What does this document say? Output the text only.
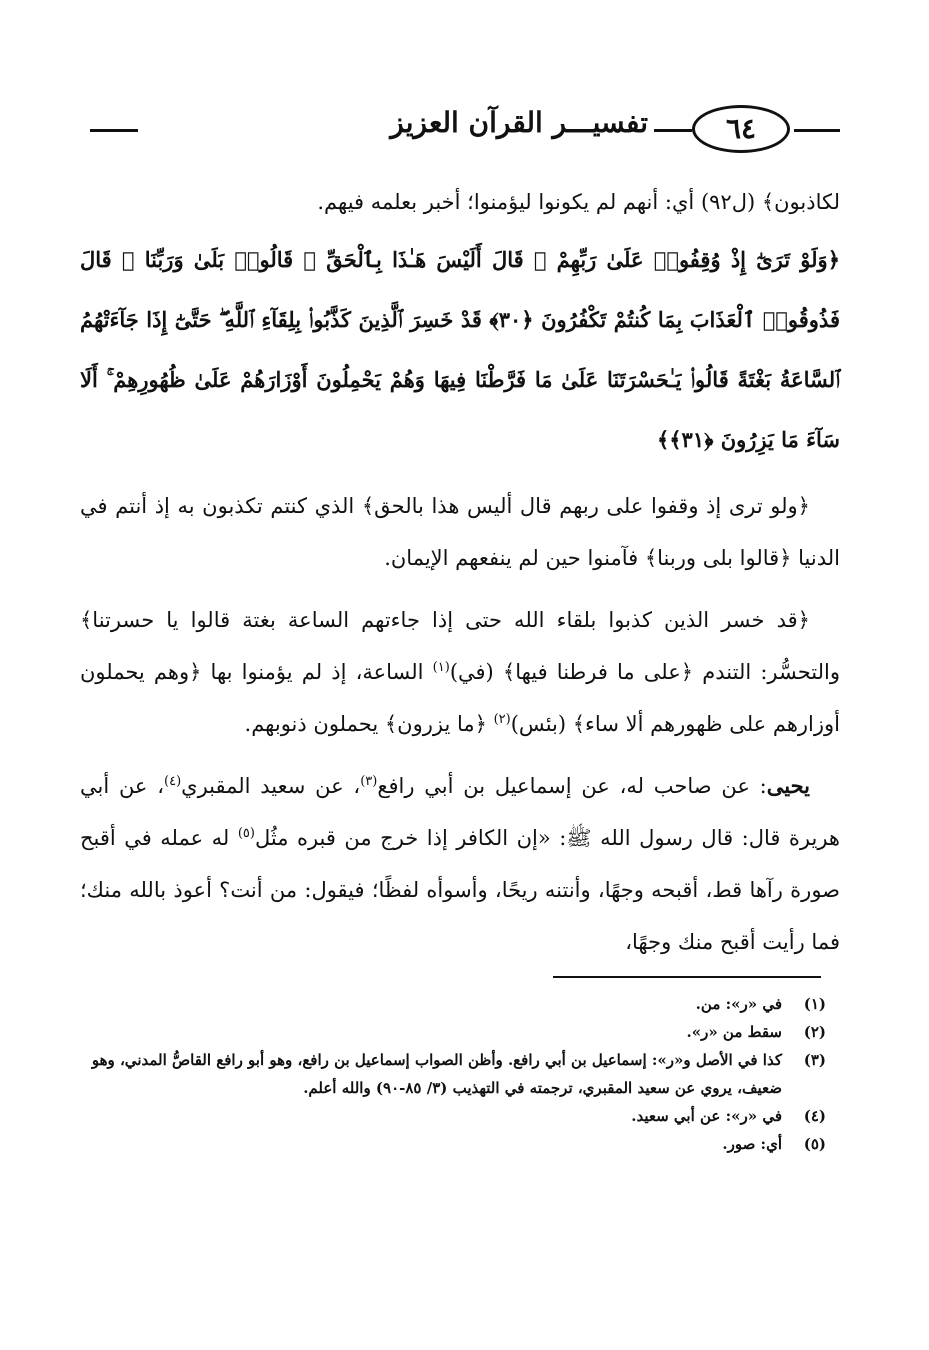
٦٤
تفسيـــر القرآن العزيز

لكاذبون﴾ (ل٩٢) أي: أنهم لم يكونوا ليؤمنوا؛ أخبر بعلمه فيهم.

﴿وَلَوْ تَرَىٰٓ إِذْ وُقِفُوا۟ عَلَىٰ رَبِّهِمْ ۚ قَالَ أَلَيْسَ هَـٰذَا بِٱلْحَقِّ ۚ قَالُوا۟ بَلَىٰ وَرَبِّنَا ۚ قَالَ فَذُوقُوا۟ ٱلْعَذَابَ بِمَا كُنتُمْ تَكْفُرُونَ ﴿٣٠﴾ قَدْ خَسِرَ ٱلَّذِينَ كَذَّبُوا۟ بِلِقَآءِ ٱللَّهِ ۖ حَتَّىٰٓ إِذَا جَآءَتْهُمُ ٱلسَّاعَةُ بَغْتَةً قَالُوا۟ يَـٰحَسْرَتَنَا عَلَىٰ مَا فَرَّطْنَا فِيهَا وَهُمْ يَحْمِلُونَ أَوْزَارَهُمْ عَلَىٰ ظُهُورِهِمْ ۚ أَلَا سَآءَ مَا يَزِرُونَ ﴿٣١﴾﴾

﴿ولو ترى إذ وقفوا على ربهم قال أليس هذا بالحق﴾ الذي كنتم تكذبون به إذ أنتم في الدنيا ﴿قالوا بلى وربنا﴾ فآمنوا حين لم ينفعهم الإيمان.

﴿قد خسر الذين كذبوا بلقاء الله حتى إذا جاءتهم الساعة بغتة قالوا يا حسرتنا﴾ والتحسُّر: التندم ﴿على ما فرطنا فيها﴾ (في)$^{(١)}$ الساعة، إذ لم يؤمنوا بها ﴿وهم يحملون أوزارهم على ظهورهم ألا ساء﴾ (بئس)$^{(٢)}$ ﴿ما يزرون﴾ يحملون ذنوبهم.

يحيى: عن صاحب له، عن إسماعيل بن أبي رافع$^{(٣)}$، عن سعيد المقبري$^{(٤)}$، عن أبي هريرة قال: قال رسول الله ﷺ: «إن الكافر إذا خرج من قبره مثُل$^{(٥)}$ له عمله في أقبح صورة رآها قط، أقبحه وجهًا، وأنتنه ريحًا، وأسوأه لفظًا؛ فيقول: من أنت؟ أعوذ بالله منك؛ فما رأيت أقبح منك وجهًا،

(١)
في «ر»: من.
(٢)
سقط من «ر».
(٣)
كذا في الأصل و«ر»: إسماعيل بن أبي رافع. وأظن الصواب إسماعيل بن رافع، وهو أبو رافع القاصُّ المدني، وهو ضعيف، يروي عن سعيد المقبري، ترجمته في التهذيب (٣/ ٨٥-٩٠) والله أعلم.
(٤)
في «ر»: عن أبي سعيد.
(٥)
أي: صور.
